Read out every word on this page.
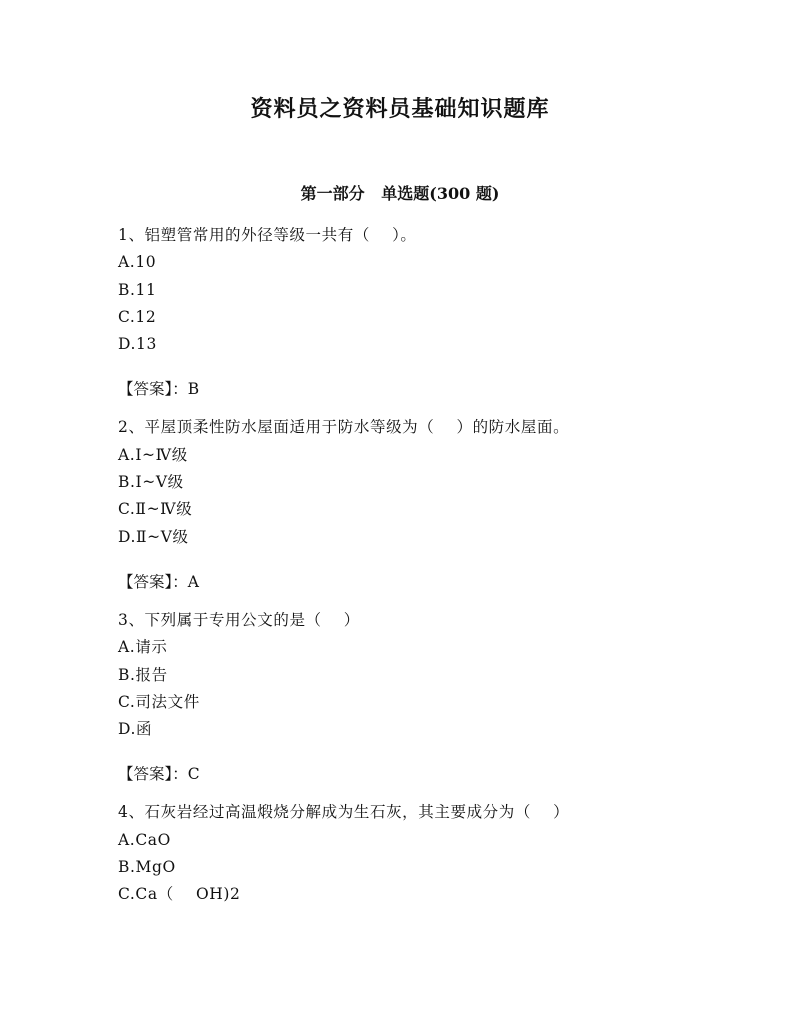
资料员之资料员基础知识题库
第一部分   单选题(300 题)
1、铝塑管常用的外径等级一共有（    ）。
A.10
B.11
C.12
D.13
【答案】：B
2、平屋顶柔性防水屋面适用于防水等级为（    ）的防水屋面。
A.Ⅰ~Ⅳ级
B.Ⅰ~Ⅴ级
C.Ⅱ~Ⅳ级
D.Ⅱ~Ⅴ级
【答案】：A
3、下列属于专用公文的是（    ）
A.请示
B.报告
C.司法文件
D.函
【答案】：C
4、石灰岩经过高温煅烧分解成为生石灰，其主要成分为（    ）
A.CaO
B.MgO
C.Ca（    OH)2
